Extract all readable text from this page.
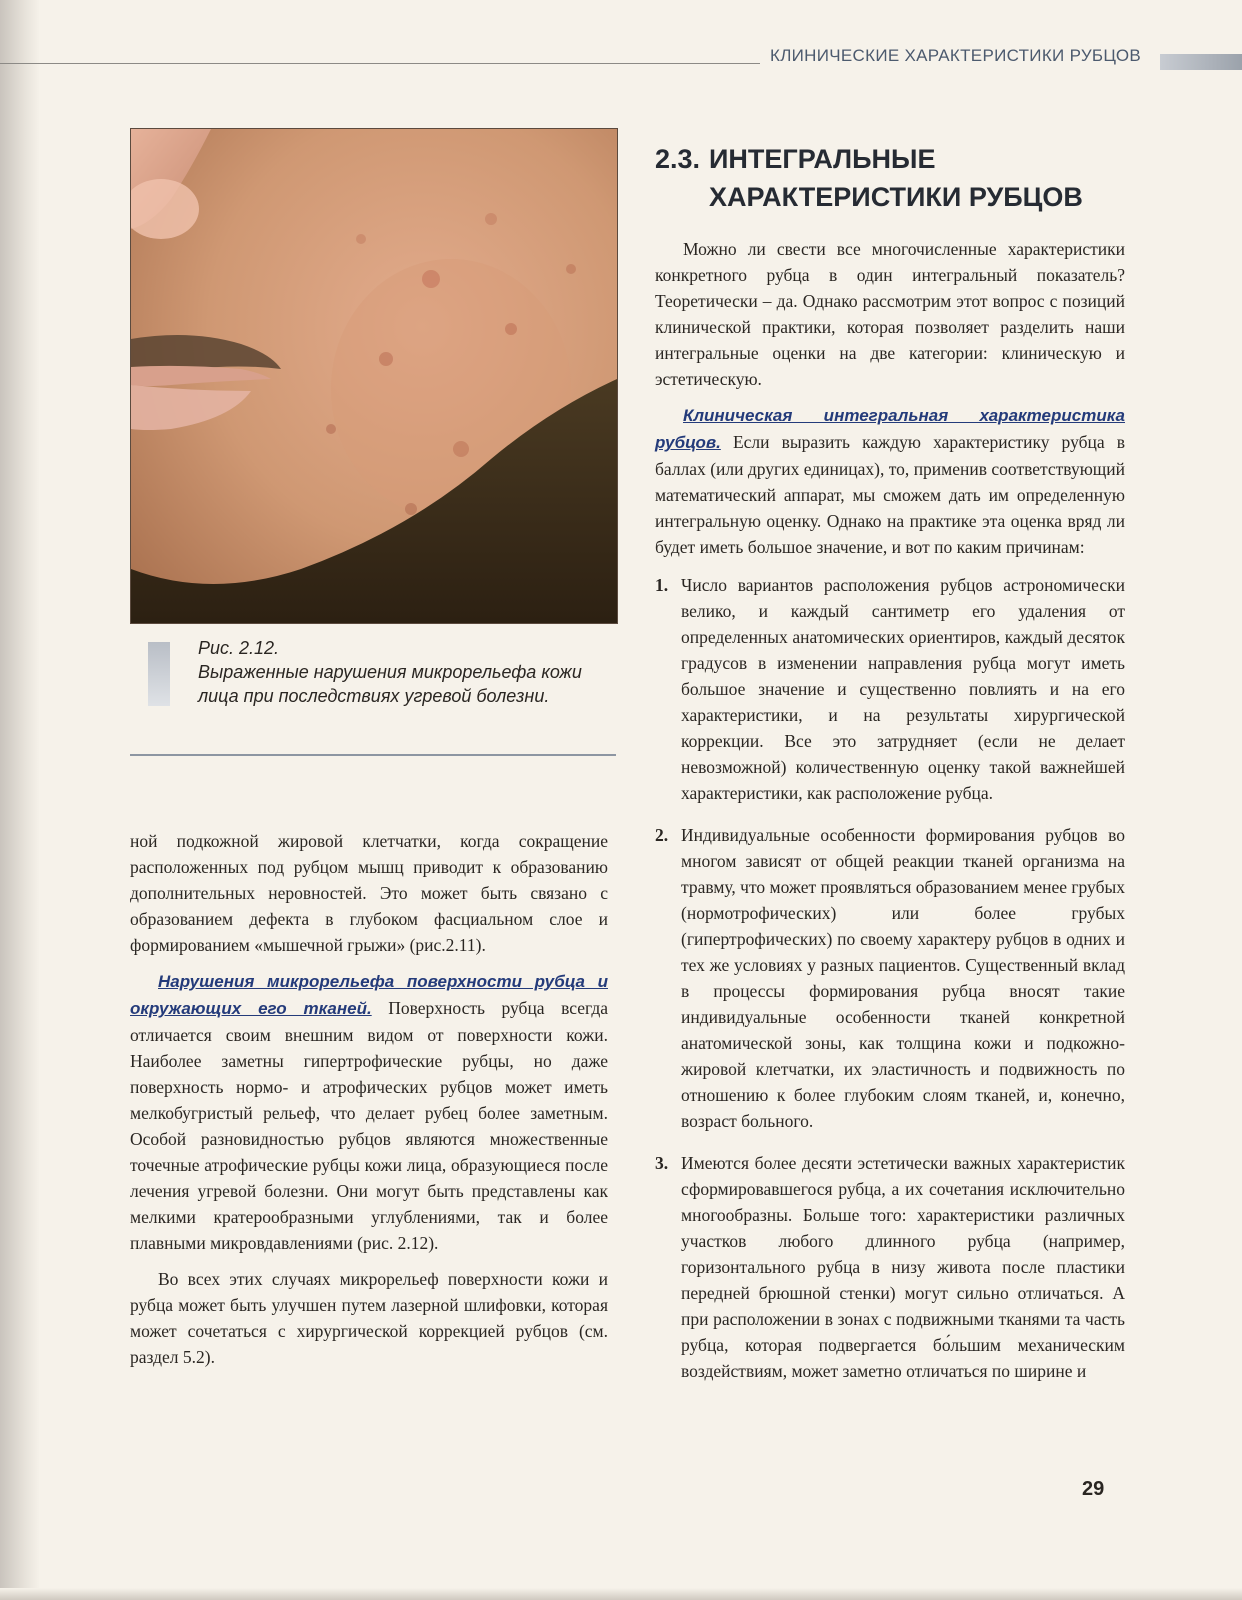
КЛИНИЧЕСКИЕ ХАРАКТЕРИСТИКИ РУБЦОВ
Рис. 2.12.
Выраженные нарушения микрорельефа кожи лица при последствиях угревой болезни.

ной подкожной жировой клетчатки, когда сокращение расположенных под рубцом мышц приводит к образованию дополнительных неровностей. Это может быть связано с образованием дефекта в глубоком фасциальном слое и формированием «мышечной грыжи» (рис.2.11).

Нарушения микрорельефа поверхности рубца и окружающих его тканей. Поверхность рубца всегда отличается своим внешним видом от поверхности кожи. Наиболее заметны гипертрофические рубцы, но даже поверхность нормо- и атрофических рубцов может иметь мелкобугристый рельеф, что делает рубец более заметным. Особой разновидностью рубцов являются множественные точечные атрофические рубцы кожи лица, образующиеся после лечения угревой болезни. Они могут быть представлены как мелкими кратерообразными углублениями, так и более плавными микровдавлениями (рис. 2.12).

Во всех этих случаях микрорельеф поверхности кожи и рубца может быть улучшен путем лазерной шлифовки, которая может сочетаться с хирургической коррекцией рубцов (см. раздел 5.2).

2.3. ИНТЕГРАЛЬНЫЕ
ХАРАКТЕРИСТИКИ РУБЦОВ

Можно ли свести все многочисленные характеристики конкретного рубца в один интегральный показатель? Теоретически – да. Однако рассмотрим этот вопрос с позиций клинической практики, которая позволяет разделить наши интегральные оценки на две категории: клиническую и эстетическую.

Клиническая интегральная характеристика рубцов. Если выразить каждую характеристику рубца в баллах (или других единицах), то, применив соответствующий математический аппарат, мы сможем дать им определенную интегральную оценку. Однако на практике эта оценка вряд ли будет иметь большое значение, и вот по каким причинам:

1. Число вариантов расположения рубцов астрономически велико, и каждый сантиметр его удаления от определенных анатомических ориентиров, каждый десяток градусов в изменении направления рубца могут иметь большое значение и существенно повлиять и на его характеристики, и на результаты хирургической коррекции. Все это затрудняет (если не делает невозможной) количественную оценку такой важнейшей характеристики, как расположение рубца.
2. Индивидуальные особенности формирования рубцов во многом зависят от общей реакции тканей организма на травму, что может проявляться образованием менее грубых (нормотрофических) или более грубых (гипертрофических) по своему характеру рубцов в одних и тех же условиях у разных пациентов. Существенный вклад в процессы формирования рубца вносят такие индивидуальные особенности тканей конкретной анатомической зоны, как толщина кожи и подкожно-жировой клетчатки, их эластичность и подвижность по отношению к более глубоким слоям тканей, и, конечно, возраст больного.
3. Имеются более десяти эстетически важных характеристик сформировавшегося рубца, а их сочетания исключительно многообразны. Больше того: характеристики различных участков любого длинного рубца (например, горизонтального рубца в низу живота после пластики передней брюшной стенки) могут сильно отличаться. А при расположении в зонах с подвижными тканями та часть рубца, которая подвергается бо́льшим механическим воздействиям, может заметно отличаться по ширине и
29
